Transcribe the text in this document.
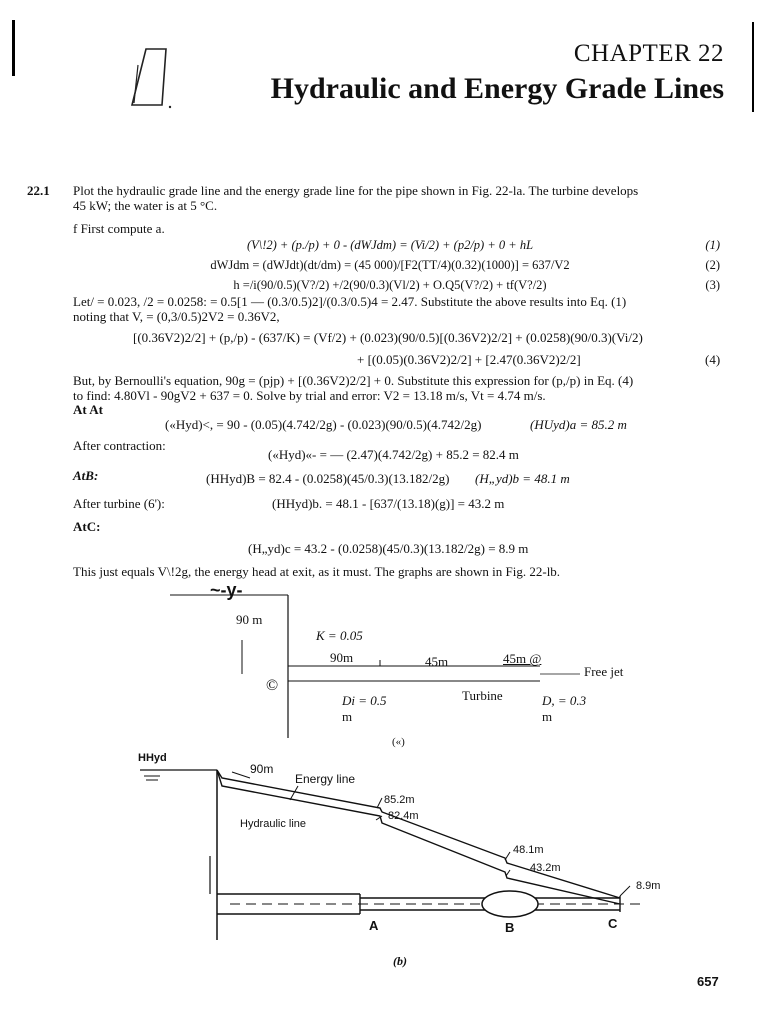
CHAPTER 22
Hydraulic and Energy Grade Lines
22.1 Plot the hydraulic grade line and the energy grade line for the pipe shown in Fig. 22-la. The turbine develops
45 kW; the water is at 5 °C.
f First compute a.
(V\!2) + (p./p) + 0 - (dWJdm) = (Vi/2) + (p2/p) + 0 + hL	(1)
dWJdm = (dWJdt)(dt/dm) = (45 000)/[F2(TT/4)(0.32)(1000)] = 637/V2	(2)
h =/i(90/0.5)(V?/2) +/2(90/0.3)(Vl/2) + O.Q5(V?/2) + tf(V?/2)	(3)
Let/ = 0.023, /2 = 0.0258: = 0.5[1 — (0.3/0.5)2]/(0.3/0.5)4 = 2.47. Substitute the above results into Eq. (1)
noting that V, = (0,3/0.5)2V2 = 0.36V2,
[(0.36V2)2/2] + (p,/p) - (637/K) = (Vf/2) + (0.023)(90/0.5)[(0.36V2)2/2] + (0.0258)(90/0.3)(Vi/2)
+ [(0.05)(0.36V2)2/2] + [2.47(0.36V2)2/2]	(4)
But, by Bernoulli's equation, 90g = (pjp) + [(0.36V2)2/2] + 0. Substitute this expression for (p,/p) in Eq. (4)
to find: 4.80Vl - 90gV2 + 637 = 0. Solve by trial and error: V2 = 13.18 m/s, Vt = 4.74 m/s.
At At
(«Hyd)<, = 90 - (0.05)(4.742/2g) - (0.023)(90/0.5)(4.742/2g)	(HUyd)a = 85.2 m
After contraction:
(«Hyd)«- = — (2.47)(4.742/2g) + 85.2 = 82.4 m
AtB:	(HHyd)B = 82.4 - (0.0258)(45/0.3)(13.182/2g) (H„yd)b = 48.1 m
After turbine (6'):	(HHyd)b. = 48.1 - [637/(13.18)(g)] = 43.2 m
AtC:
(H„yd)c = 43.2 - (0.0258)(45/0.3)(13.182/2g) = 8.9 m
This just equals V\!2g, the energy head at exit, as it must. The graphs are shown in Fig. 22-lb.
~-y-
90 m
K = 0.05
90m	45m	45m @
Free jet
©
Di = 0.5
m
Turbine	D, = 0.3
m
(«)
HHyd
90m
Energy line
85.2m
82.4m
Hydraulic line
48.1m
43.2m
8.9m
A	B	C
(b)
657
